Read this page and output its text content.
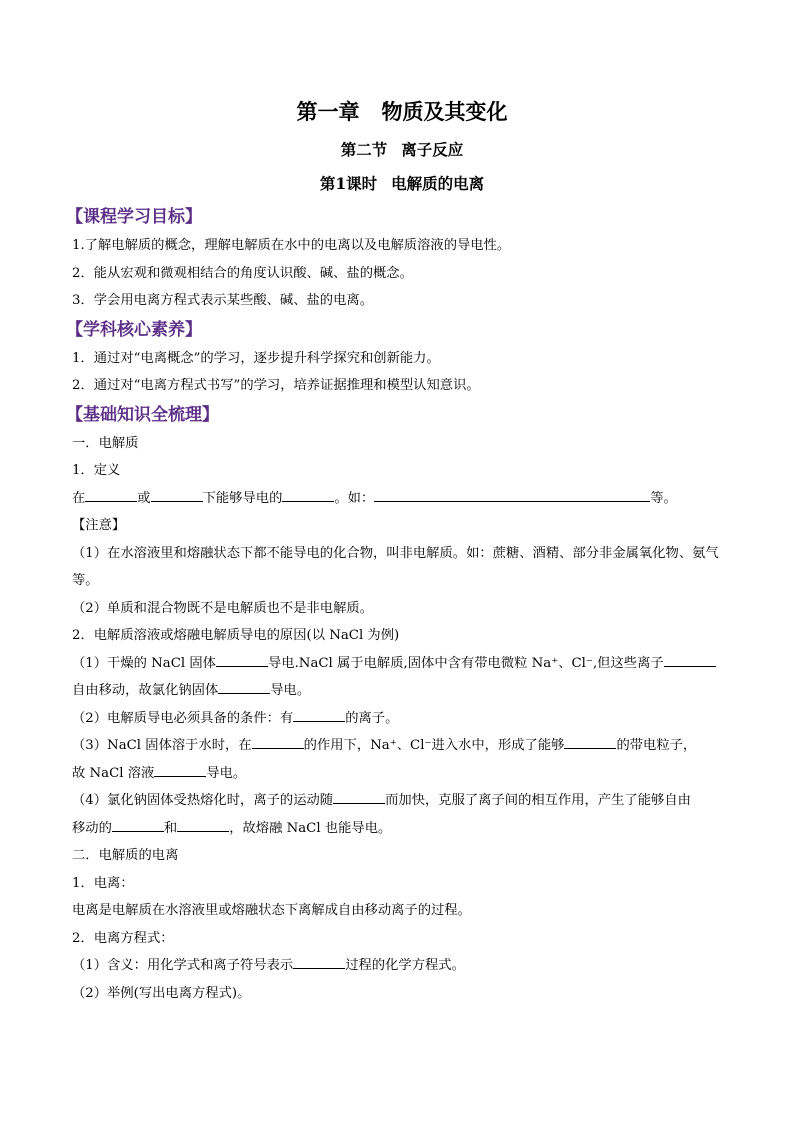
第一章 物质及其变化
第二节 离子反应
第1课时 电解质的电离
【课程学习目标】
1.了解电解质的概念，理解电解质在水中的电离以及电解质溶液的导电性。
2．能从宏观和微观相结合的角度认识酸、碱、盐的概念。
3．学会用电离方程式表示某些酸、碱、盐的电离。
【学科核心素养】
1．通过对“电离概念”的学习，逐步提升科学探究和创新能力。
2．通过对“电离方程式书写”的学习，培养证据推理和模型认知意识。
【基础知识全梳理】
一．电解质
1．定义
在	或	下能够导电的	。如：	等。
【注意】
（1）在水溶液里和熔融状态下都不能导电的化合物，叫非电解质。如：蔗糖、酒精、部分非金属氧化物、氨气等。
（2）单质和混合物既不是电解质也不是非电解质。
2．电解质溶液或熔融电解质导电的原因(以 NaCl 为例)
（1）干燥的 NaCl 固体	导电.NaCl 属于电解质,固体中含有带电微粒 Na⁺、Cl⁻,但这些离子
自由移动，故氯化钠固体	导电。
（2）电解质导电必须具备的条件：有	的离子。
（3）NaCl 固体溶于水时，在	的作用下，Na⁺、Cl⁻进入水中，形成了能够	的带电粒子，
故 NaCl 溶液	导电。
（4）氯化钠固体受热熔化时，离子的运动随	而加快，克服了离子间的相互作用，产生了能够自由
移动的	和	，故熔融 NaCl 也能导电。
二．电解质的电离
1．电离：
电离是电解质在水溶液里或熔融状态下离解成自由移动离子的过程。
2．电离方程式：
（1）含义：用化学式和离子符号表示	过程的化学方程式。
（2）举例(写出电离方程式)。
